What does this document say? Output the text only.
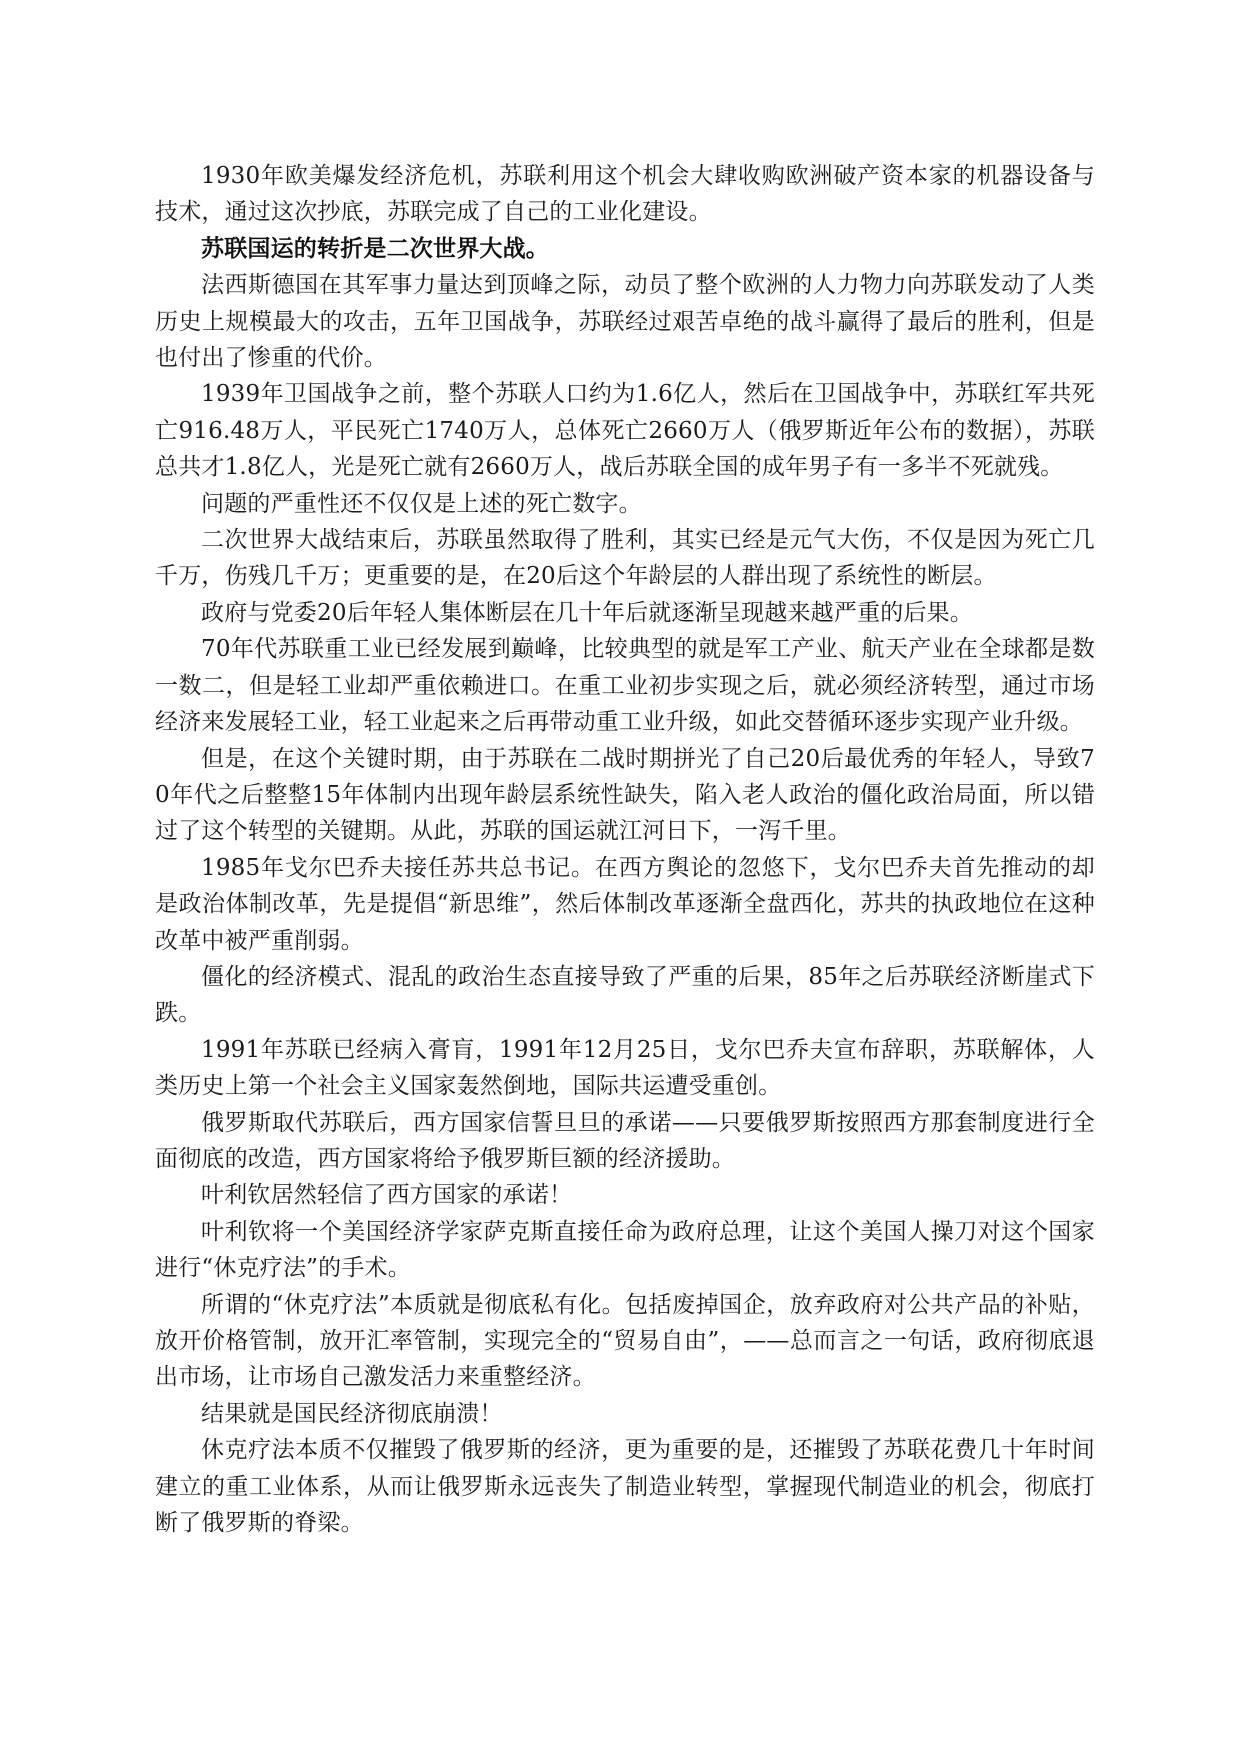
1930年欧美爆发经济危机，苏联利用这个机会大肆收购欧洲破产资本家的机器设备与技术，通过这次抄底，苏联完成了自己的工业化建设。

苏联国运的转折是二次世界大战。

法西斯德国在其军事力量达到顶峰之际，动员了整个欧洲的人力物力向苏联发动了人类历史上规模最大的攻击，五年卫国战争，苏联经过艰苦卓绝的战斗赢得了最后的胜利，但是也付出了惨重的代价。

1939年卫国战争之前，整个苏联人口约为1.6亿人，然后在卫国战争中，苏联红军共死亡916.48万人，平民死亡1740万人，总体死亡2660万人（俄罗斯近年公布的数据），苏联总共才1.8亿人，光是死亡就有2660万人，战后苏联全国的成年男子有一多半不死就残。

问题的严重性还不仅仅是上述的死亡数字。

二次世界大战结束后，苏联虽然取得了胜利，其实已经是元气大伤，不仅是因为死亡几千万，伤残几千万；更重要的是，在20后这个年龄层的人群出现了系统性的断层。

政府与党委20后年轻人集体断层在几十年后就逐渐呈现越来越严重的后果。

70年代苏联重工业已经发展到巅峰，比较典型的就是军工产业、航天产业在全球都是数一数二，但是轻工业却严重依赖进口。在重工业初步实现之后，就必须经济转型，通过市场经济来发展轻工业，轻工业起来之后再带动重工业升级，如此交替循环逐步实现产业升级。

但是，在这个关键时期，由于苏联在二战时期拼光了自己20后最优秀的年轻人，导致70年代之后整整15年体制内出现年龄层系统性缺失，陷入老人政治的僵化政治局面，所以错过了这个转型的关键期。从此，苏联的国运就江河日下，一泻千里。

1985年戈尔巴乔夫接任苏共总书记。在西方舆论的忽悠下，戈尔巴乔夫首先推动的却是政治体制改革，先是提倡“新思维”，然后体制改革逐渐全盘西化，苏共的执政地位在这种改革中被严重削弱。

僵化的经济模式、混乱的政治生态直接导致了严重的后果，85年之后苏联经济断崖式下跌。

1991年苏联已经病入膏肓，1991年12月25日，戈尔巴乔夫宣布辞职，苏联解体，人类历史上第一个社会主义国家轰然倒地，国际共运遭受重创。

俄罗斯取代苏联后，西方国家信誓旦旦的承诺——只要俄罗斯按照西方那套制度进行全面彻底的改造，西方国家将给予俄罗斯巨额的经济援助。

叶利钦居然轻信了西方国家的承诺！

叶利钦将一个美国经济学家萨克斯直接任命为政府总理，让这个美国人操刀对这个国家进行“休克疗法”的手术。

所谓的“休克疗法”本质就是彻底私有化。包括废掉国企，放弃政府对公共产品的补贴，放开价格管制，放开汇率管制，实现完全的“贸易自由”，——总而言之一句话，政府彻底退出市场，让市场自己激发活力来重整经济。

结果就是国民经济彻底崩溃！

休克疗法本质不仅摧毁了俄罗斯的经济，更为重要的是，还摧毁了苏联花费几十年时间建立的重工业体系，从而让俄罗斯永远丧失了制造业转型，掌握现代制造业的机会，彻底打断了俄罗斯的脊梁。
